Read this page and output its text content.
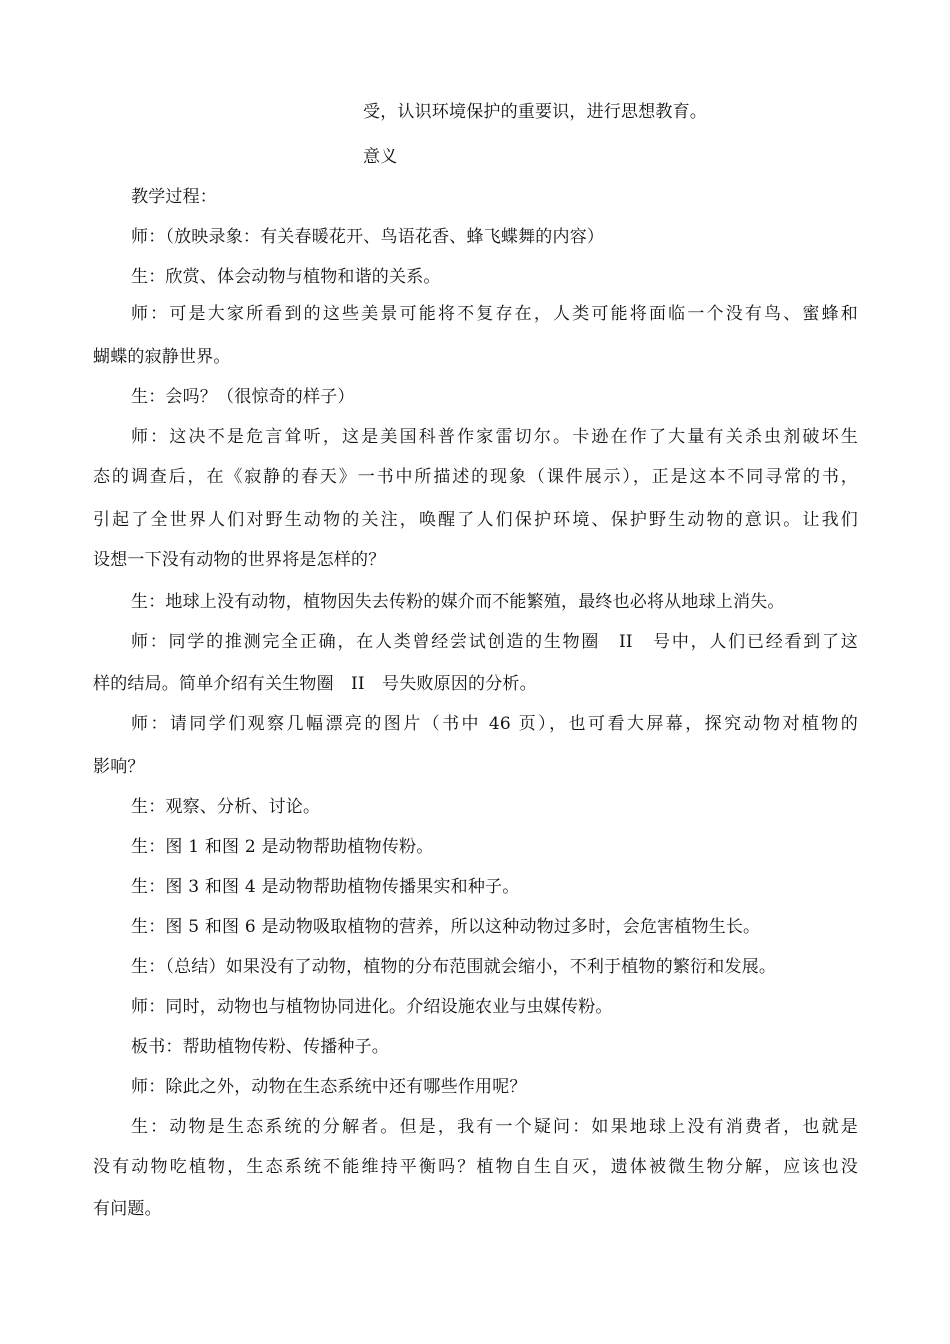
受，认识环境保护的重要识，进行思想教育。
意义
教学过程：
师：（放映录象：有关春暖花开、鸟语花香、蜂飞蝶舞的内容）
生：欣赏、体会动物与植物和谐的关系。
师：可是大家所看到的这些美景可能将不复存在，人类可能将面临一个没有鸟、蜜蜂和
蝴蝶的寂静世界。
生：会吗？（很惊奇的样子）
师：这决不是危言耸听，这是美国科普作家雷切尔。卡逊在作了大量有关杀虫剂破坏生
态的调查后，在《寂静的春天》一书中所描述的现象（课件展示），正是这本不同寻常的书，
引起了全世界人们对野生动物的关注，唤醒了人们保护环境、保护野生动物的意识。让我们
设想一下没有动物的世界将是怎样的？
生：地球上没有动物，植物因失去传粉的媒介而不能繁殖，最终也必将从地球上消失。
师：同学的推测完全正确，在人类曾经尝试创造的生物圈　II　号中，人们已经看到了这
样的结局。简单介绍有关生物圈　II　号失败原因的分析。
师：请同学们观察几幅漂亮的图片（书中 46 页），也可看大屏幕，探究动物对植物的
影响？
生：观察、分析、讨论。
生：图 1 和图 2 是动物帮助植物传粉。
生：图 3 和图 4 是动物帮助植物传播果实和种子。
生：图 5 和图 6 是动物吸取植物的营养，所以这种动物过多时，会危害植物生长。
生：（总结）如果没有了动物，植物的分布范围就会缩小，不利于植物的繁衍和发展。
师：同时，动物也与植物协同进化。介绍设施农业与虫媒传粉。
板书：帮助植物传粉、传播种子。
师：除此之外，动物在生态系统中还有哪些作用呢？
生：动物是生态系统的分解者。但是，我有一个疑问：如果地球上没有消费者，也就是
没有动物吃植物，生态系统不能维持平衡吗？植物自生自灭，遗体被微生物分解，应该也没
有问题。
